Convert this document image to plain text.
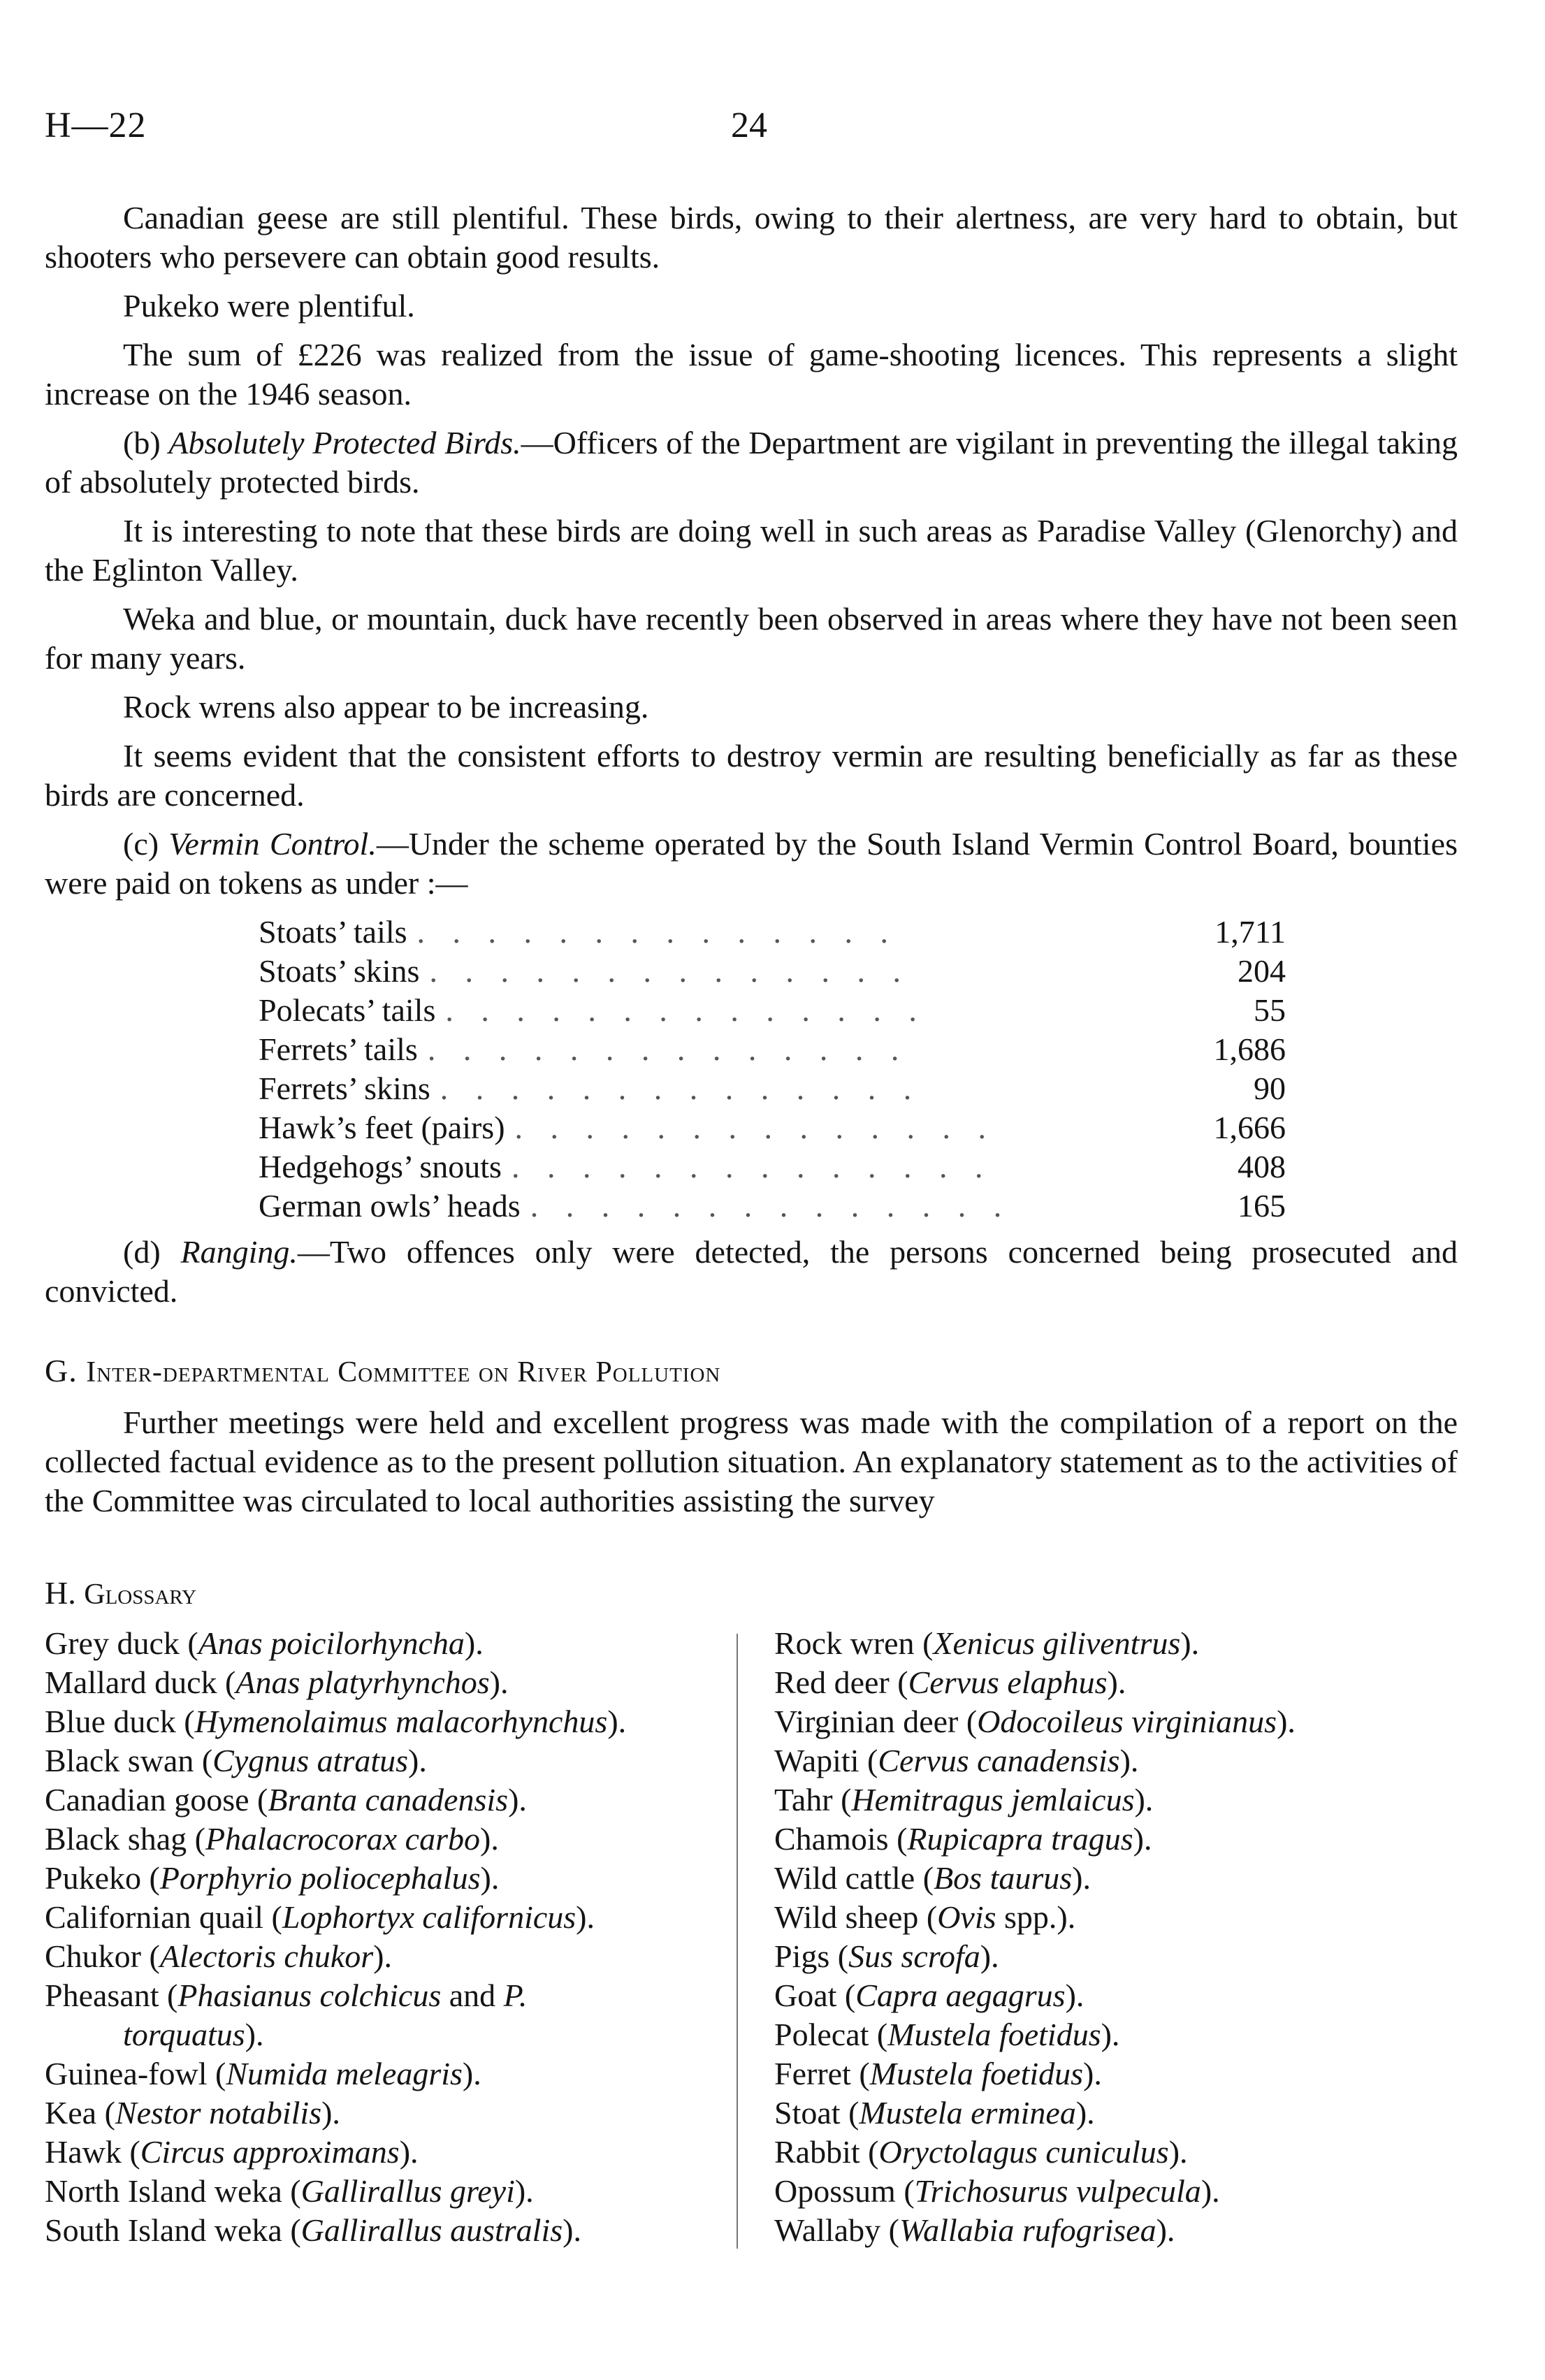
H—22	24

Canadian geese are still plentiful. These birds, owing to their alertness, are very hard to obtain, but shooters who persevere can obtain good results.

Pukeko were plentiful.

The sum of £226 was realized from the issue of game-shooting licences. This represents a slight increase on the 1946 season.

(b) Absolutely Protected Birds.—Officers of the Department are vigilant in preventing the illegal taking of absolutely protected birds.

It is interesting to note that these birds are doing well in such areas as Paradise Valley (Glenorchy) and the Eglinton Valley.

Weka and blue, or mountain, duck have recently been observed in areas where they have not been seen for many years.

Rock wrens also appear to be increasing.

It seems evident that the consistent efforts to destroy vermin are resulting beneficially as far as these birds are concerned.

(c) Vermin Control.—Under the scheme operated by the South Island Vermin Control Board, bounties were paid on tokens as under :—

Stoats’ tails . . . . . . . . . . . . . .	1,711
Stoats’ skins . . . . . . . . . . . . . .	204
Polecats’ tails . . . . . . . . . . . . . .	55
Ferrets’ tails . . . . . . . . . . . . . .	1,686
Ferrets’ skins . . . . . . . . . . . . . .	90
Hawk’s feet (pairs) . . . . . . . . . . . . . .	1,666
Hedgehogs’ snouts . . . . . . . . . . . . . .	408
German owls’ heads . . . . . . . . . . . . . .	165

(d) Ranging.—Two offences only were detected, the persons concerned being prosecuted and convicted.

G. Inter-departmental Committee on River Pollution

Further meetings were held and excellent progress was made with the compilation of a report on the collected factual evidence as to the present pollution situation. An explanatory statement as to the activities of the Committee was circulated to local authorities assisting the survey

H. Glossary
Grey duck (Anas poicilorhyncha).
Mallard duck (Anas platyrhynchos).
Blue duck (Hymenolaimus malacorhynchus).
Black swan (Cygnus atratus).
Canadian goose (Branta canadensis).
Black shag (Phalacrocorax carbo).
Pukeko (Porphyrio poliocephalus).
Californian quail (Lophortyx californicus).
Chukor (Alectoris chukor).
Pheasant (Phasianus colchicus and P.
torquatus).
Guinea-fowl (Numida meleagris).
Kea (Nestor notabilis).
Hawk (Circus approximans).
North Island weka (Gallirallus greyi).
South Island weka (Gallirallus australis).
Rock wren (Xenicus giliventrus).
Red deer (Cervus elaphus).
Virginian deer (Odocoileus virginianus).
Wapiti (Cervus canadensis).
Tahr (Hemitragus jemlaicus).
Chamois (Rupicapra tragus).
Wild cattle (Bos taurus).
Wild sheep (Ovis spp.).
Pigs (Sus scrofa).
Goat (Capra aegagrus).
Polecat (Mustela foetidus).
Ferret (Mustela foetidus).
Stoat (Mustela erminea).
Rabbit (Oryctolagus cuniculus).
Opossum (Trichosurus vulpecula).
Wallaby (Wallabia rufogrisea).
